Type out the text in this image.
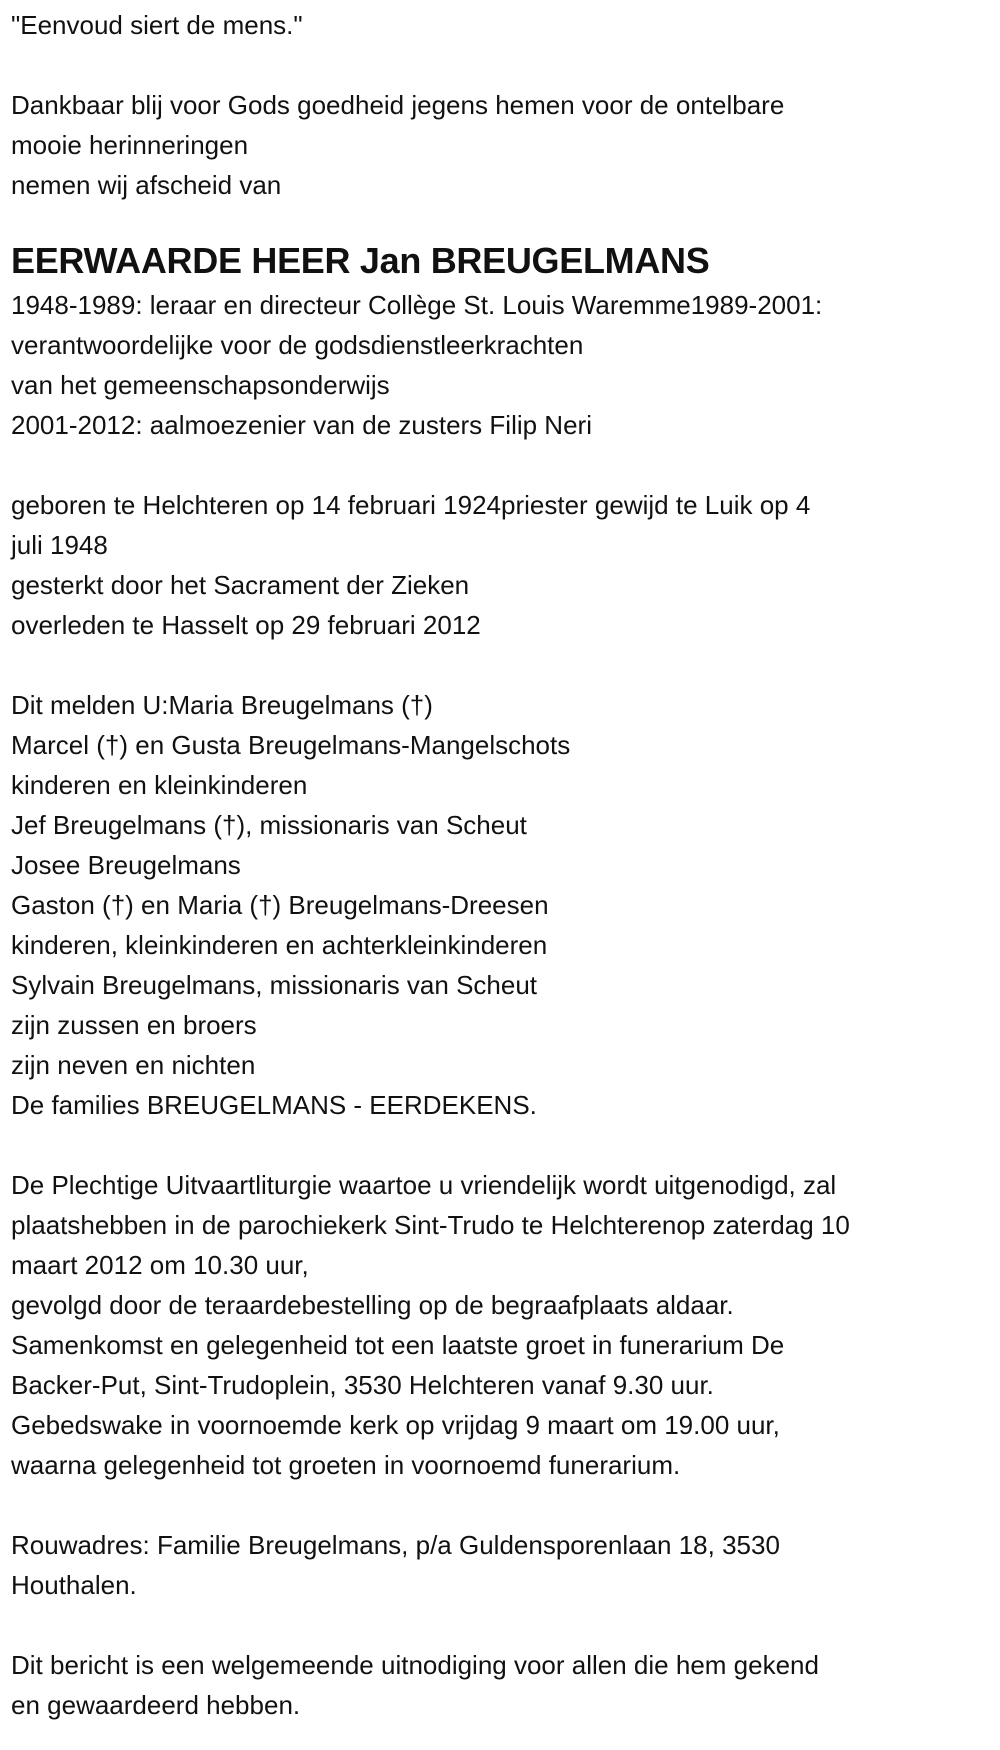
"Eenvoud siert de mens."
Dankbaar blij voor Gods goedheid jegens hemen voor de ontelbare
mooie herinneringen
nemen wij afscheid van
EERWAARDE HEER Jan BREUGELMANS
1948-1989: leraar en directeur Collège St. Louis Waremme1989-2001:
verantwoordelijke voor de godsdienstleerkrachten
van het gemeenschapsonderwijs
2001-2012: aalmoezenier van de zusters Filip Neri
geboren te Helchteren op 14 februari 1924priester gewijd te Luik op 4
juli 1948
gesterkt door het Sacrament der Zieken
overleden te Hasselt op 29 februari 2012
Dit melden U:Maria Breugelmans (†)
Marcel (†) en Gusta Breugelmans-Mangelschots
kinderen en kleinkinderen
Jef Breugelmans (†), missionaris van Scheut
Josee Breugelmans
Gaston (†) en Maria (†) Breugelmans-Dreesen
kinderen, kleinkinderen en achterkleinkinderen
Sylvain Breugelmans, missionaris van Scheut
zijn zussen en broers
zijn neven en nichten
De families BREUGELMANS - EERDEKENS.
De Plechtige Uitvaartliturgie waartoe u vriendelijk wordt uitgenodigd, zal
plaatshebben in de parochiekerk Sint-Trudo te Helchterenop zaterdag 10
maart 2012 om 10.30 uur,
gevolgd door de teraardebestelling op de begraafplaats aldaar.
Samenkomst en gelegenheid tot een laatste groet in funerarium De
Backer-Put, Sint-Trudoplein, 3530 Helchteren vanaf 9.30 uur.
Gebedswake in voornoemde kerk op vrijdag 9 maart om 19.00 uur,
waarna gelegenheid tot groeten in voornoemd funerarium.
Rouwadres: Familie Breugelmans, p/a Guldensporenlaan 18, 3530
Houthalen.
Dit bericht is een welgemeende uitnodiging voor allen die hem gekend
en gewaardeerd hebben.
